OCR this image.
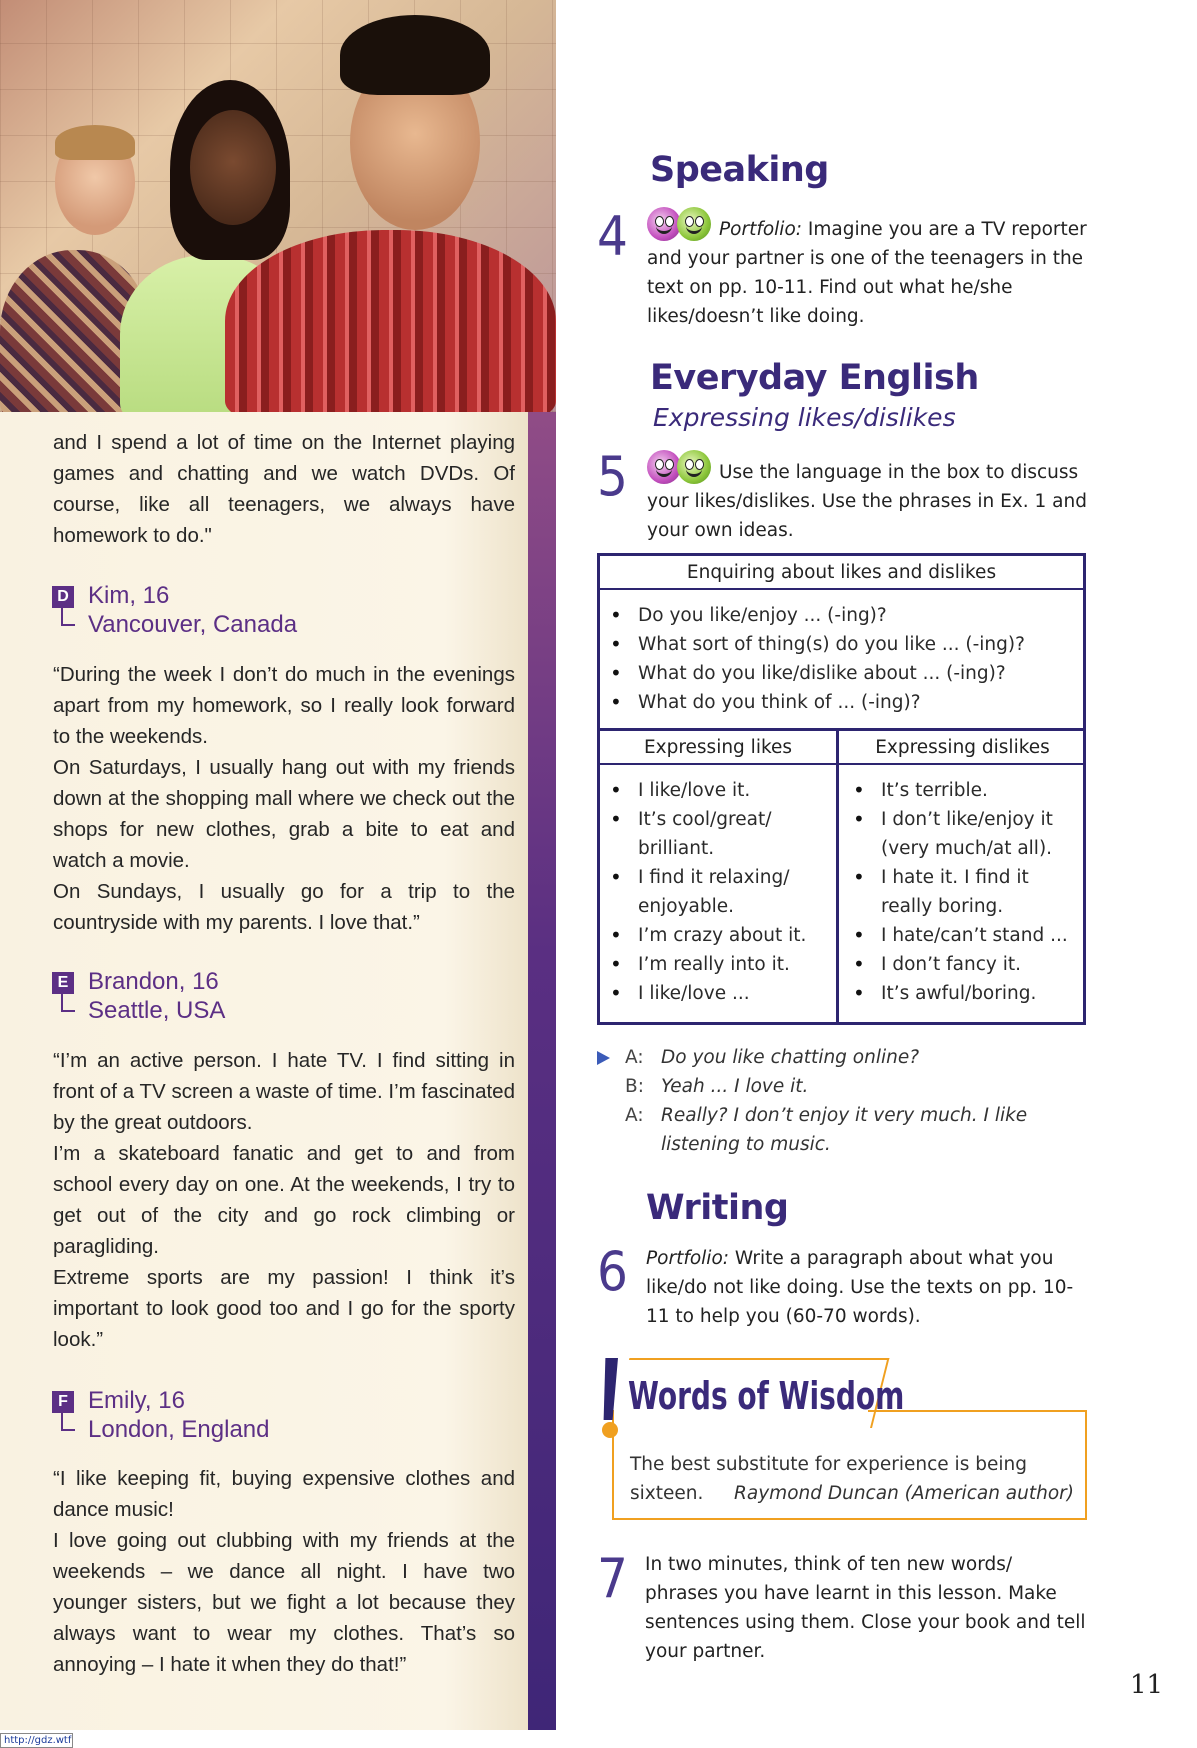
and I spend a lot of time on the Internet playing games and chatting and we watch DVDs. Of course, like all teenagers, we always have homework to do."

D Kim, 16
Vancouver, Canada

“During the week I don’t do much in the evenings apart from my homework, so I really look forward to the weekends.

On Saturdays, I usually hang out with my friends down at the shopping mall where we check out the shops for new clothes, grab a bite to eat and watch a movie.

On Sundays, I usually go for a trip to the countryside with my parents. I love that.”

E Brandon, 16
Seattle, USA

“I’m an active person. I hate TV. I find sitting in front of a TV screen a waste of time. I’m fascinated by the great outdoors.

I’m a skateboard fanatic and get to and from school every day on one. At the weekends, I try to get out of the city and go rock climbing or paragliding.

Extreme sports are my passion! I think it’s important to look good too and I go for the sporty look.”

F Emily, 16
London, England

“I like keeping fit, buying expensive clothes and dance music!

I love going out clubbing with my friends at the weekends – we dance all night. I have two younger sisters, but we fight a lot because they always want to wear my clothes. That’s so annoying – I hate it when they do that!”

Speaking
4	Portfolio: Imagine you are a TV reporter and your partner is one of the teenagers in the text on pp. 10-11. Find out what he/she likes/doesn’t like doing.
Everyday English
Expressing likes/dislikes
5	Use the language in the box to discuss your likes/dislikes. Use the phrases in Ex. 1 and your own ideas.
Enquiring about likes and dislikes
• Do you like/enjoy ... (-ing)?
• What sort of thing(s) do you like ... (-ing)?
• What do you like/dislike about ... (-ing)?
• What do you think of ... (-ing)?
Expressing likes	Expressing dislikes
• I like/love it.
• It’s cool/great/ brilliant.
• I find it relaxing/ enjoyable.
• I’m crazy about it.
• I’m really into it.
• I like/love ...
• It’s terrible.
• I don’t like/enjoy it (very much/at all).
• I hate it. I find it really boring.
• I hate/can’t stand ...
• I don’t fancy it.
• It’s awful/boring.
A: Do you like chatting online?
B: Yeah ... I love it.
A: Really? I don’t enjoy it very much. I like listening to music.
Writing
6 Portfolio: Write a paragraph about what you like/do not like doing. Use the texts on pp. 10-11 to help you (60-70 words).
Words of Wisdom
The best substitute for experience is being sixteen.	Raymond Duncan (American author)
7 In two minutes, think of ten new words/ phrases you have learnt in this lesson. Make sentences using them. Close your book and tell your partner.
11
http://gdz.wtf
